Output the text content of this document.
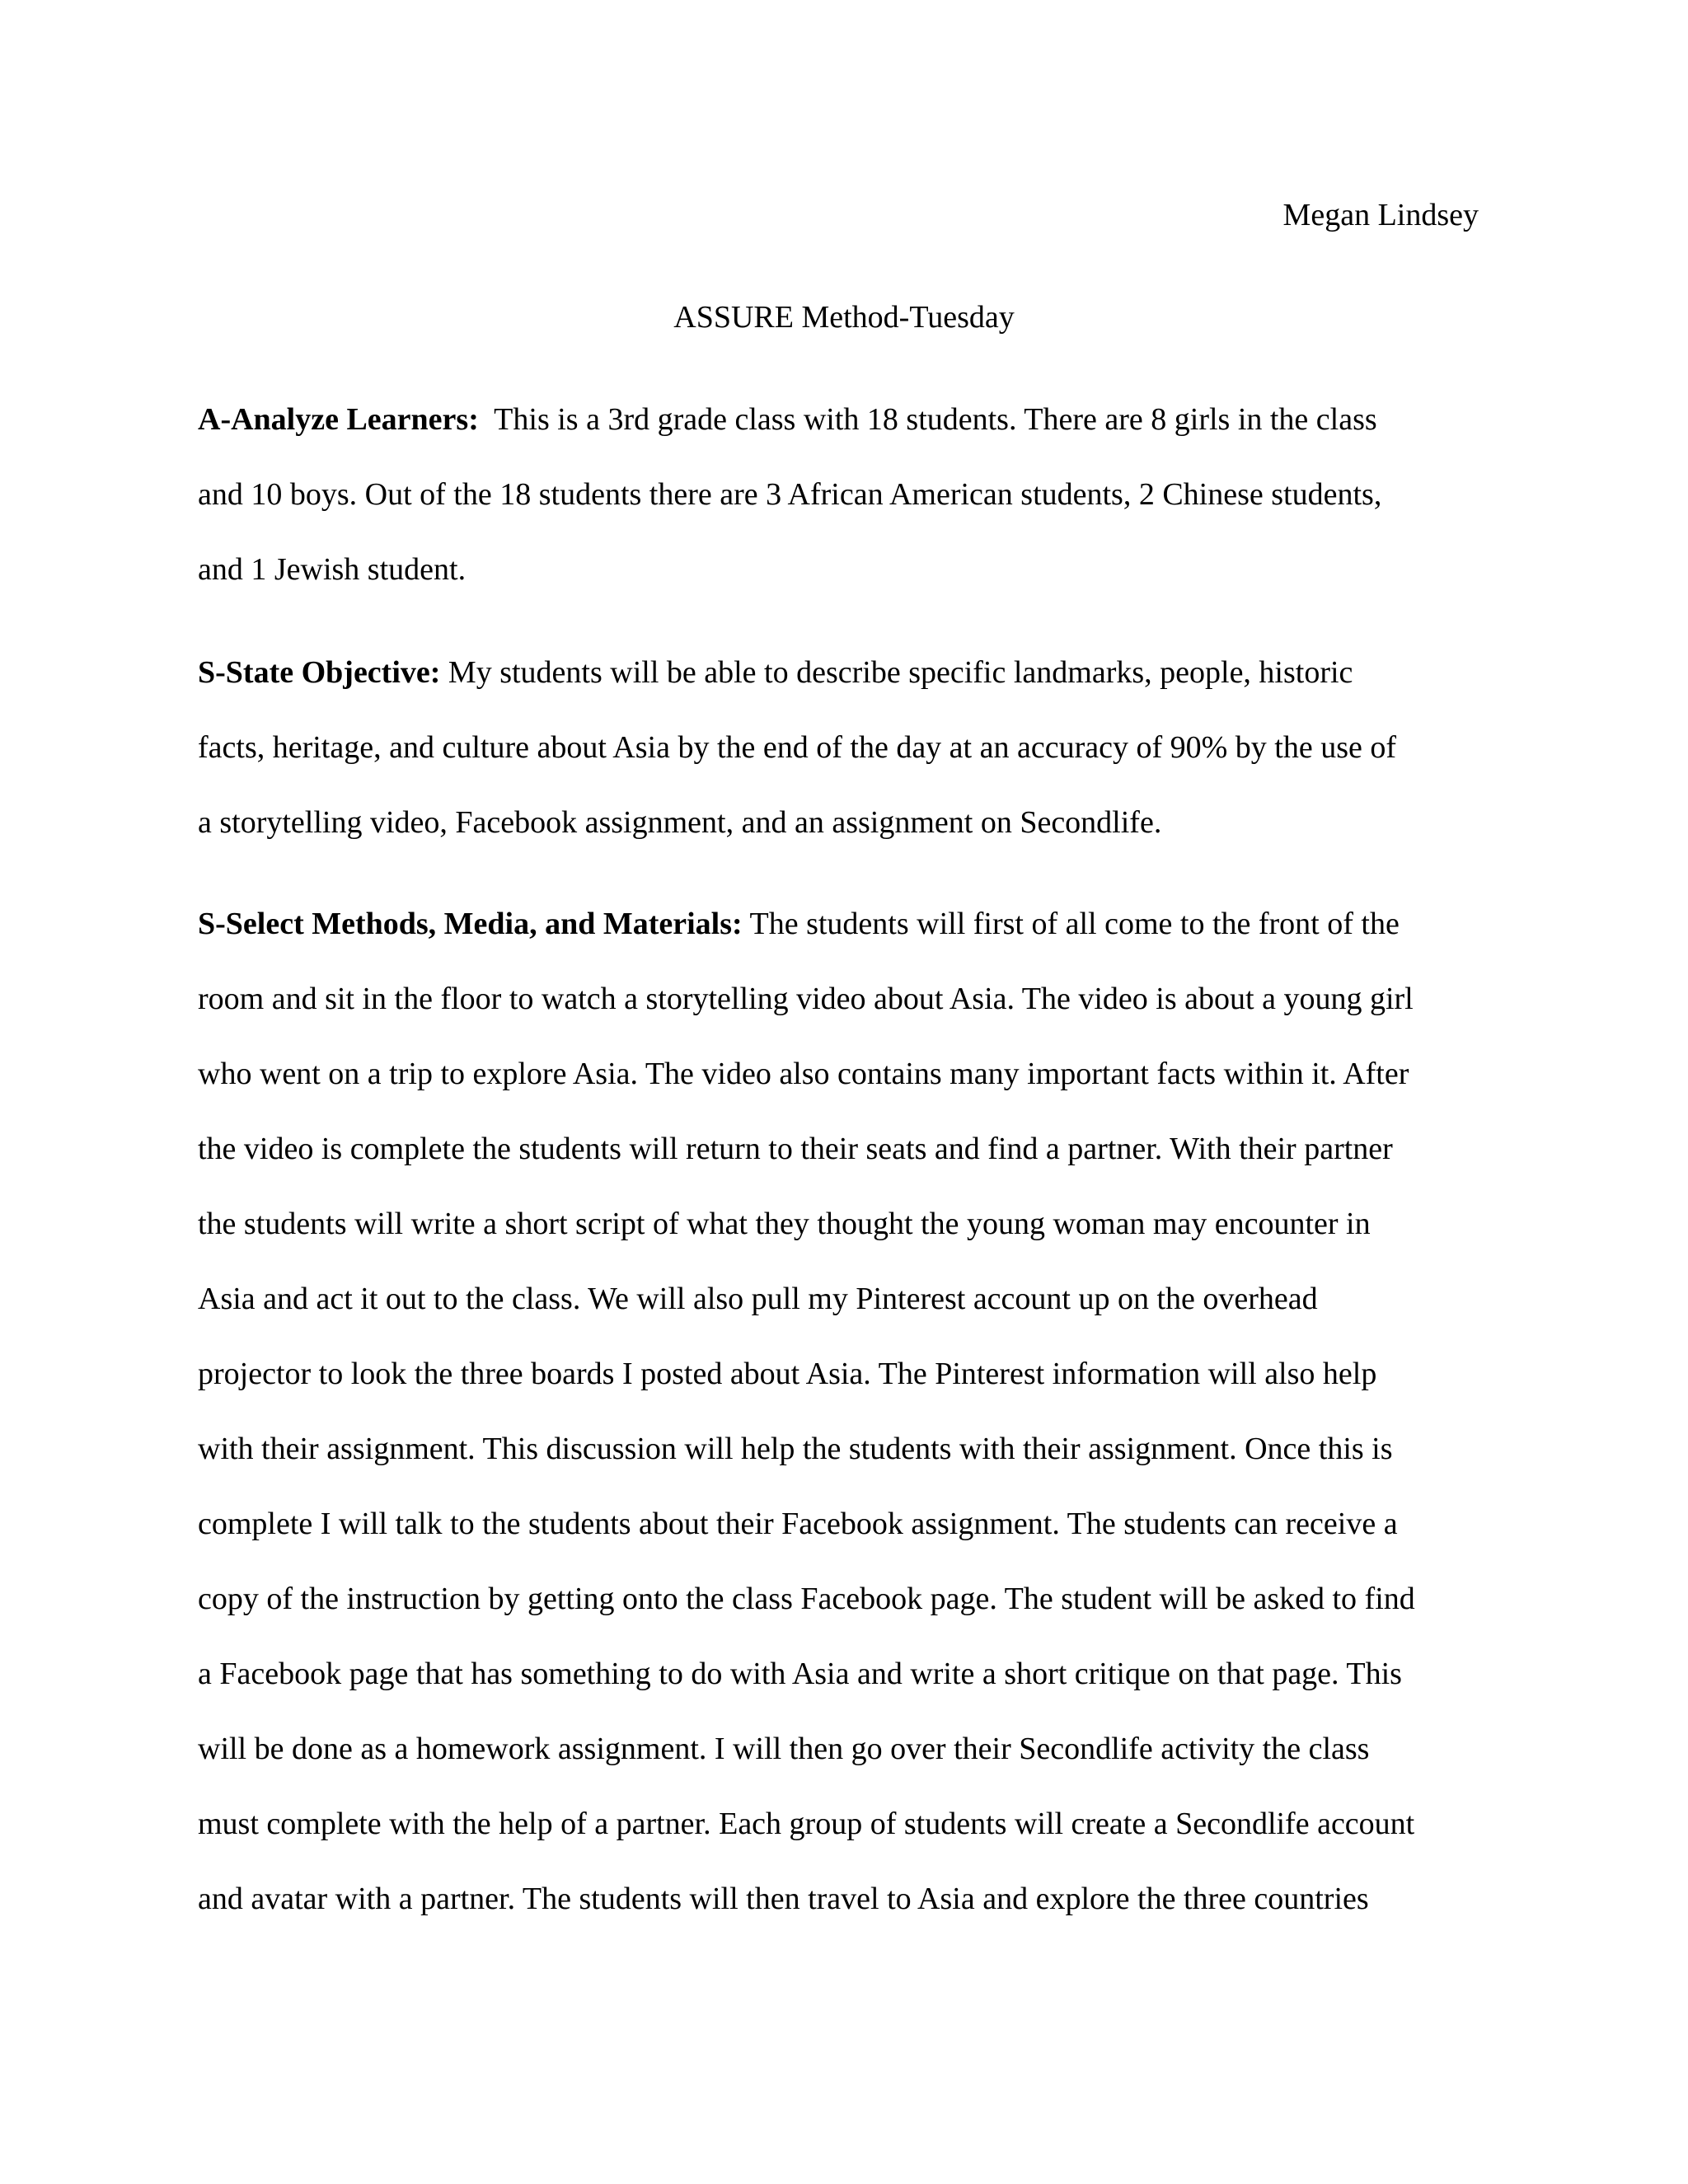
Megan Lindsey
ASSURE Method-Tuesday
A-Analyze Learners:  This is a 3rd grade class with 18 students. There are 8 girls in the class
and 10 boys. Out of the 18 students there are 3 African American students, 2 Chinese students,
and 1 Jewish student.
S-State Objective: My students will be able to describe specific landmarks, people, historic
facts, heritage, and culture about Asia by the end of the day at an accuracy of 90% by the use of
a storytelling video, Facebook assignment, and an assignment on Secondlife.
S-Select Methods, Media, and Materials: The students will first of all come to the front of the
room and sit in the floor to watch a storytelling video about Asia. The video is about a young girl
who went on a trip to explore Asia. The video also contains many important facts within it. After
the video is complete the students will return to their seats and find a partner. With their partner
the students will write a short script of what they thought the young woman may encounter in
Asia and act it out to the class. We will also pull my Pinterest account up on the overhead
projector to look the three boards I posted about Asia. The Pinterest information will also help
with their assignment. This discussion will help the students with their assignment. Once this is
complete I will talk to the students about their Facebook assignment. The students can receive a
copy of the instruction by getting onto the class Facebook page. The student will be asked to find
a Facebook page that has something to do with Asia and write a short critique on that page. This
will be done as a homework assignment. I will then go over their Secondlife activity the class
must complete with the help of a partner. Each group of students will create a Secondlife account
and avatar with a partner. The students will then travel to Asia and explore the three countries
